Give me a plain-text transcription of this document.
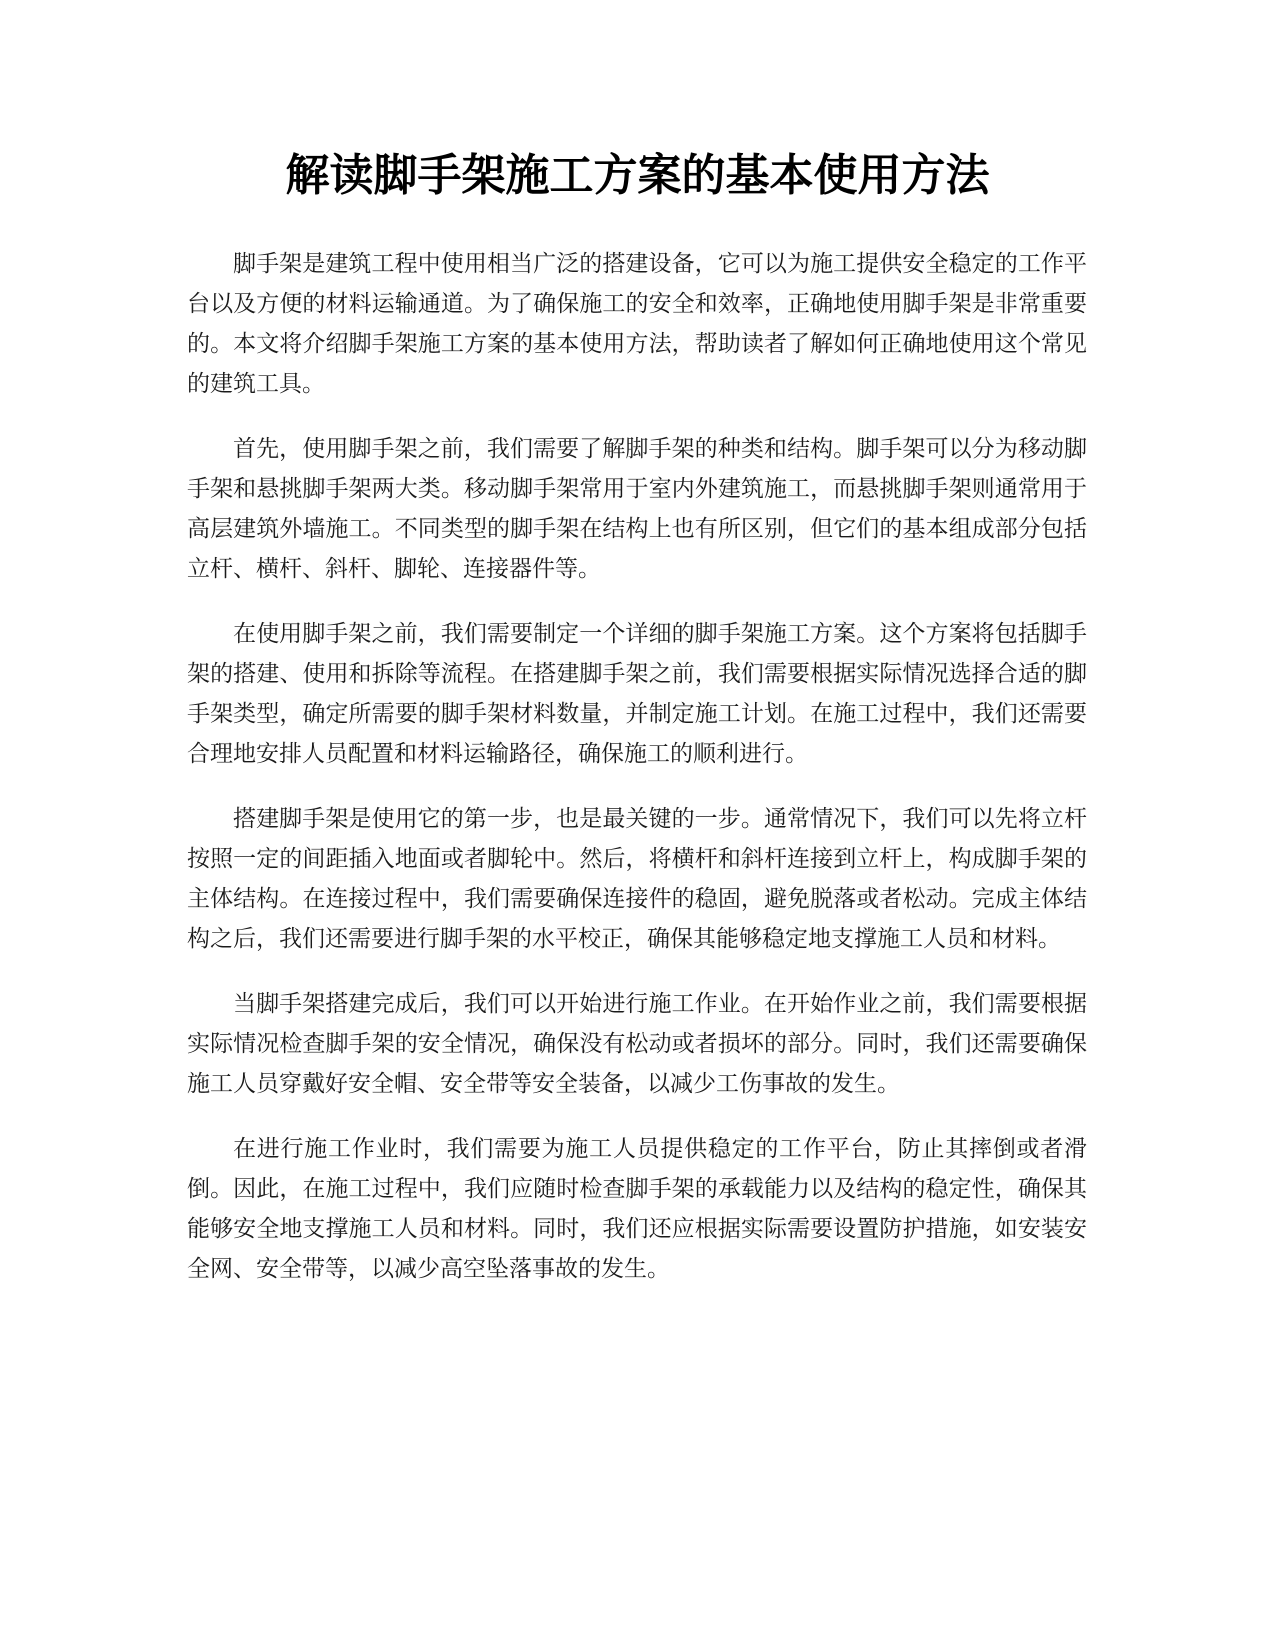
解读脚手架施工方案的基本使用方法

脚手架是建筑工程中使用相当广泛的搭建设备，它可以为施工提供安全稳定的工作平台以及方便的材料运输通道。为了确保施工的安全和效率，正确地使用脚手架是非常重要的。本文将介绍脚手架施工方案的基本使用方法，帮助读者了解如何正确地使用这个常见的建筑工具。

首先，使用脚手架之前，我们需要了解脚手架的种类和结构。脚手架可以分为移动脚手架和悬挑脚手架两大类。移动脚手架常用于室内外建筑施工，而悬挑脚手架则通常用于高层建筑外墙施工。不同类型的脚手架在结构上也有所区别，但它们的基本组成部分包括立杆、横杆、斜杆、脚轮、连接器件等。

在使用脚手架之前，我们需要制定一个详细的脚手架施工方案。这个方案将包括脚手架的搭建、使用和拆除等流程。在搭建脚手架之前，我们需要根据实际情况选择合适的脚手架类型，确定所需要的脚手架材料数量，并制定施工计划。在施工过程中，我们还需要合理地安排人员配置和材料运输路径，确保施工的顺利进行。

搭建脚手架是使用它的第一步，也是最关键的一步。通常情况下，我们可以先将立杆按照一定的间距插入地面或者脚轮中。然后，将横杆和斜杆连接到立杆上，构成脚手架的主体结构。在连接过程中，我们需要确保连接件的稳固，避免脱落或者松动。完成主体结构之后，我们还需要进行脚手架的水平校正，确保其能够稳定地支撑施工人员和材料。

当脚手架搭建完成后，我们可以开始进行施工作业。在开始作业之前，我们需要根据实际情况检查脚手架的安全情况，确保没有松动或者损坏的部分。同时，我们还需要确保施工人员穿戴好安全帽、安全带等安全装备，以减少工伤事故的发生。

在进行施工作业时，我们需要为施工人员提供稳定的工作平台，防止其摔倒或者滑倒。因此，在施工过程中，我们应随时检查脚手架的承载能力以及结构的稳定性，确保其能够安全地支撑施工人员和材料。同时，我们还应根据实际需要设置防护措施，如安装安全网、安全带等，以减少高空坠落事故的发生。
